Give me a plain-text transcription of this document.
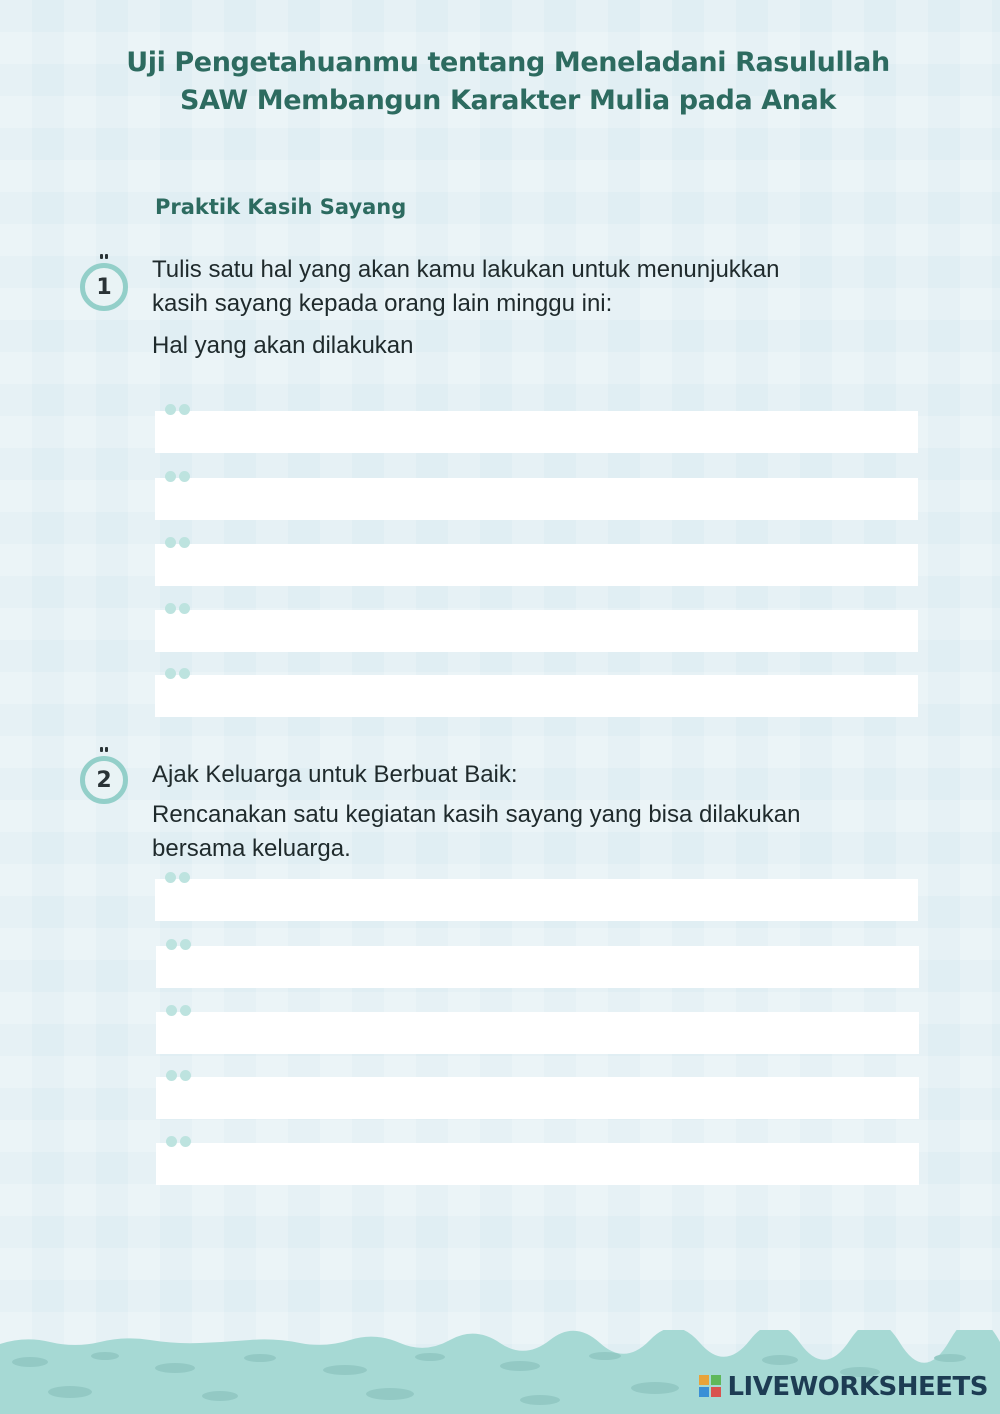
Uji Pengetahuanmu tentang Meneladani Rasulullah
SAW Membangun Karakter Mulia pada Anak
Praktik Kasih Sayang
1
Tulis satu hal yang akan kamu lakukan untuk menunjukkan
kasih sayang kepada orang lain minggu ini:
Hal yang akan dilakukan
2 Ajak Keluarga untuk Berbuat Baik:
Rencanakan satu kegiatan kasih sayang yang bisa dilakukan
bersama keluarga.
LIVEWORKSHEETS
